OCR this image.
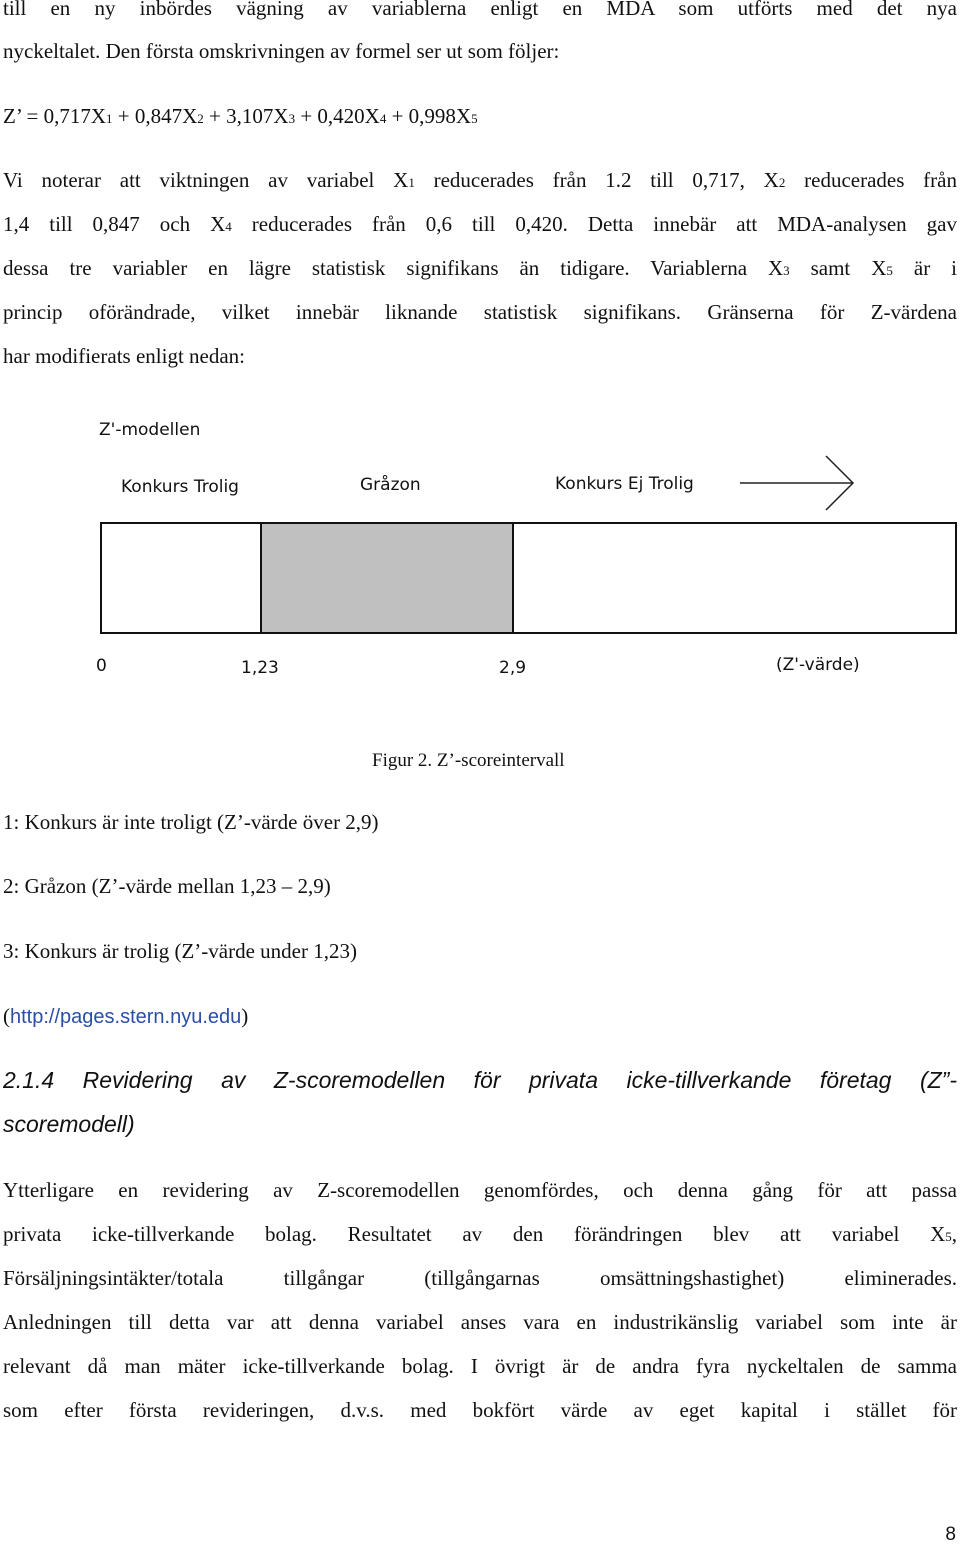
till en ny inbördes vägning av variablerna enligt en MDA som utförts med det nya
nyckeltalet. Den första omskrivningen av formel ser ut som följer:
Z’ = 0,717X1 + 0,847X2 + 3,107X3 + 0,420X4 + 0,998X5
Vi noterar att viktningen av variabel X1 reducerades från 1.2 till 0,717, X2 reducerades från
1,4 till 0,847 och X4 reducerades från 0,6 till 0,420. Detta innebär att MDA-analysen gav
dessa tre variabler en lägre statistisk signifikans än tidigare. Variablerna X3 samt X5 är i
princip oförändrade, vilket innebär liknande statistisk signifikans. Gränserna för Z-värdena
har modifierats enligt nedan:
Z'-modellen
Konkurs Trolig	Gråzon	Konkurs Ej Trolig
0	1,23	2,9	(Z'-värde)
Figur 2. Z’-scoreintervall
1: Konkurs är inte troligt (Z’-värde över 2,9)
2: Gråzon (Z’-värde mellan 1,23 – 2,9)
3: Konkurs är trolig (Z’-värde under 1,23)
(http://pages.stern.nyu.edu)
2.1.4 Revidering av Z-scoremodellen för privata icke-tillverkande företag (Z”-
scoremodell)
Ytterligare en revidering av Z-scoremodellen genomfördes, och denna gång för att passa
privata icke-tillverkande bolag. Resultatet av den förändringen blev att variabel X5,
Försäljningsintäkter/totala tillgångar (tillgångarnas omsättningshastighet) eliminerades.
Anledningen till detta var att denna variabel anses vara en industrikänslig variabel som inte är
relevant då man mäter icke-tillverkande bolag. I övrigt är de andra fyra nyckeltalen de samma
som efter första revideringen, d.v.s. med bokfört värde av eget kapital i stället för
8
